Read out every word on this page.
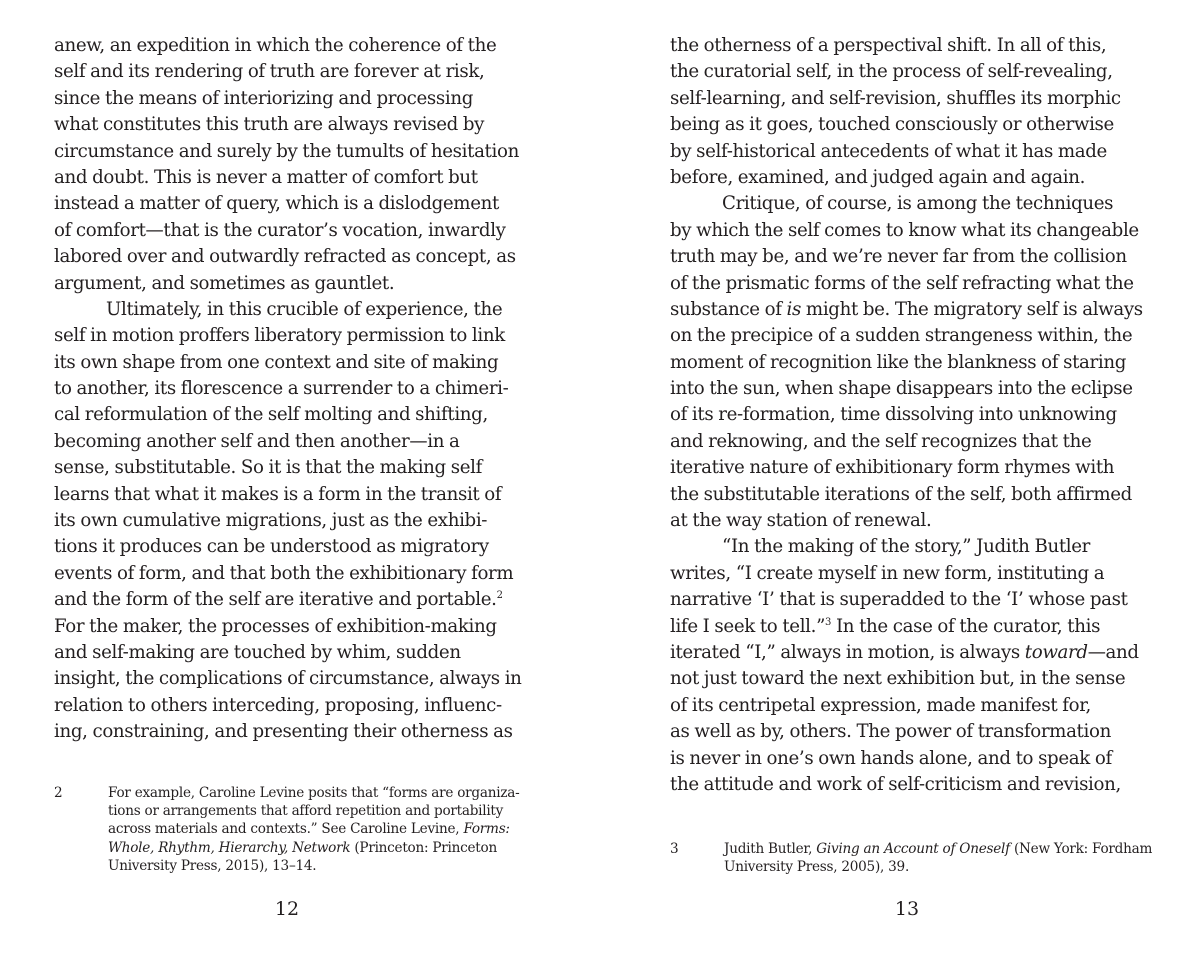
anew, an expedition in which the coherence of the
self and its rendering of truth are forever at risk,
since the means of interiorizing and processing
what constitutes this truth are always revised by
circumstance and surely by the tumults of hesitation
and doubt. This is never a matter of comfort but
instead a matter of query, which is a dislodgement
of comfort—that is the curator’s vocation, inwardly
labored over and outwardly refracted as concept, as
argument, and sometimes as gauntlet.
Ultimately, in this crucible of experience, the
self in motion proffers liberatory permission to link
its own shape from one context and site of making
to another, its florescence a surrender to a chimeri-
cal reformulation of the self molting and shifting,
becoming another self and then another—in a
sense, substitutable. So it is that the making self
learns that what it makes is a form in the transit of
its own cumulative migrations, just as the exhibi-
tions it produces can be understood as migratory
events of form, and that both the exhibitionary form
and the form of the self are iterative and portable.$^2$
For the maker, the processes of exhibition-making
and self-making are touched by whim, sudden
insight, the complications of circumstance, always in
relation to others interceding, proposing, influenc-
ing, constraining, and presenting their otherness as
2	For example, Caroline Levine posits that “forms are organiza-
tions or arrangements that afford repetition and portability
across materials and contexts.” See Caroline Levine, Forms:
Whole, Rhythm, Hierarchy, Network (Princeton: Princeton
University Press, 2015), 13–14.
12
the otherness of a perspectival shift. In all of this,
the curatorial self, in the process of self-revealing,
self-learning, and self-revision, shuffles its morphic
being as it goes, touched consciously or otherwise
by self-historical antecedents of what it has made
before, examined, and judged again and again.
Critique, of course, is among the techniques
by which the self comes to know what its changeable
truth may be, and we’re never far from the collision
of the prismatic forms of the self refracting what the
substance of is might be. The migratory self is always
on the precipice of a sudden strangeness within, the
moment of recognition like the blankness of staring
into the sun, when shape disappears into the eclipse
of its re-formation, time dissolving into unknowing
and reknowing, and the self recognizes that the
iterative nature of exhibitionary form rhymes with
the substitutable iterations of the self, both affirmed
at the way station of renewal.
“In the making of the story,” Judith Butler
writes, “I create myself in new form, instituting a
narrative ‘I’ that is superadded to the ‘I’ whose past
life I seek to tell.”$^3$ In the case of the curator, this
iterated “I,” always in motion, is always toward—and
not just toward the next exhibition but, in the sense
of its centripetal expression, made manifest for,
as well as by, others. The power of transformation
is never in one’s own hands alone, and to speak of
the attitude and work of self-criticism and revision,
3	Judith Butler, Giving an Account of Oneself (New York: Fordham
University Press, 2005), 39.
13
